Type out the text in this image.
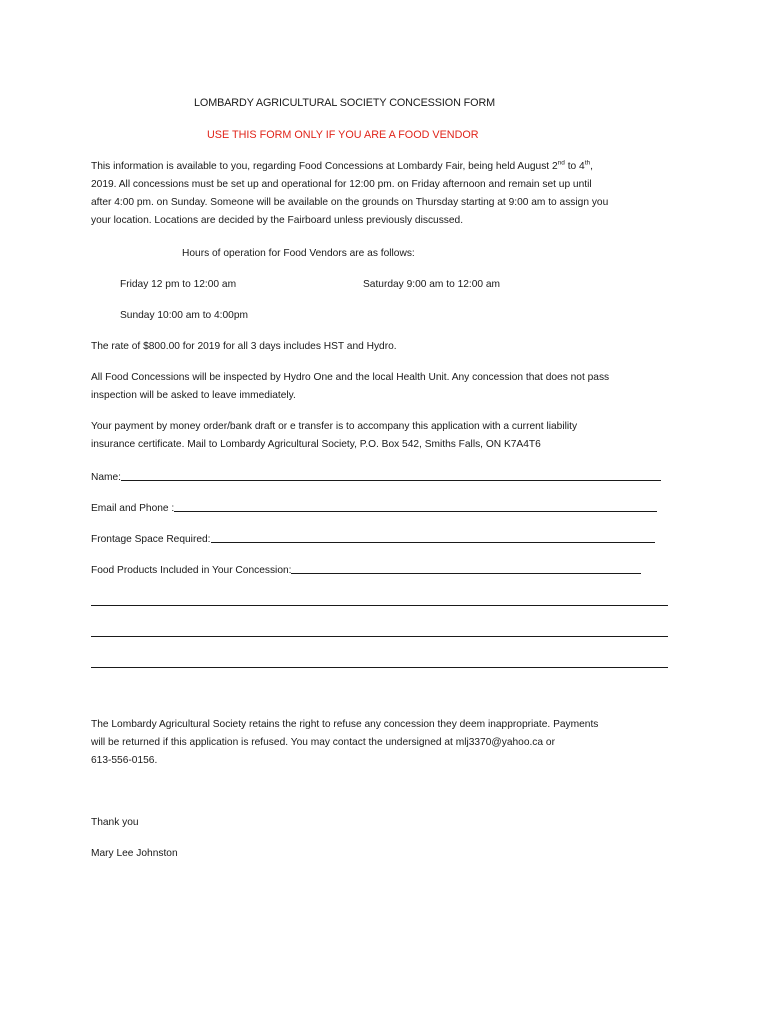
LOMBARDY AGRICULTURAL SOCIETY CONCESSION FORM
USE THIS FORM ONLY IF YOU ARE A FOOD VENDOR
This information is available to you, regarding Food Concessions at Lombardy Fair, being held August 2nd to 4th,
2019. All concessions must be set up and operational for 12:00 pm. on Friday afternoon and remain set up until
after 4:00 pm. on Sunday. Someone will be available on the grounds on Thursday starting at 9:00 am to assign you
your location. Locations are decided by the Fairboard unless previously discussed.
Hours of operation for Food Vendors are as follows:
Friday 12 pm to 12:00 am	Saturday 9:00 am to 12:00 am
Sunday 10:00 am to 4:00pm
The rate of $800.00 for 2019 for all 3 days includes HST and Hydro.
All Food Concessions will be inspected by Hydro One and the local Health Unit. Any concession that does not pass
inspection will be asked to leave immediately.
Your payment by money order/bank draft or e transfer is to accompany this application with a current liability
insurance certificate. Mail to Lombardy Agricultural Society, P.O. Box 542, Smiths Falls, ON K7A4T6
Name:
Email and Phone :
Frontage Space Required:
Food Products Included in Your Concession:
The Lombardy Agricultural Society retains the right to refuse any concession they deem inappropriate. Payments
will be returned if this application is refused. You may contact the undersigned at mlj3370@yahoo.ca or
613-556-0156.
Thank you
Mary Lee Johnston
